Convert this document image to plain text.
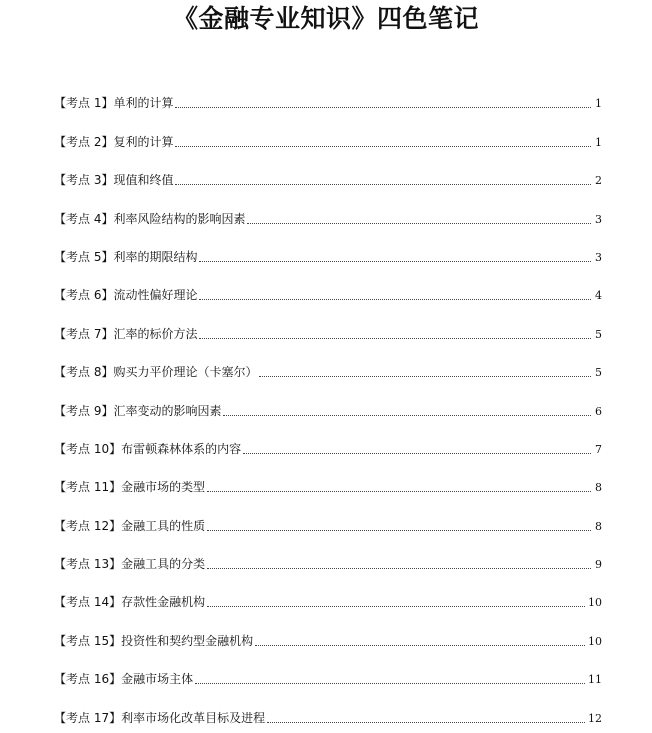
《金融专业知识》四色笔记
【考点 1】单利的计算	1
【考点 2】复利的计算	1
【考点 3】现值和终值	2
【考点 4】利率风险结构的影响因素	3
【考点 5】利率的期限结构	3
【考点 6】流动性偏好理论	4
【考点 7】汇率的标价方法	5
【考点 8】购买力平价理论（卡塞尔）	5
【考点 9】汇率变动的影响因素	6
【考点 10】布雷顿森林体系的内容	7
【考点 11】金融市场的类型	8
【考点 12】金融工具的性质	8
【考点 13】金融工具的分类	9
【考点 14】存款性金融机构	10
【考点 15】投资性和契约型金融机构	10
【考点 16】金融市场主体	11
【考点 17】利率市场化改革目标及进程	12
